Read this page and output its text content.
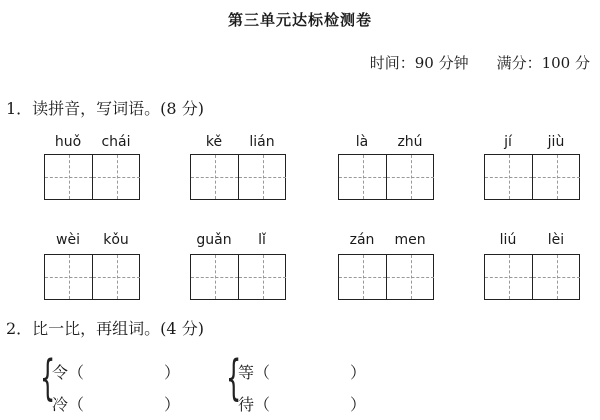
第三单元达标检测卷
时间：90 分钟 满分：100 分
1．读拼音，写词语。(8 分)
huǒ	chái	kě	lián	là	zhú	jí	jiù
wèi	kǒu	guǎn	lǐ	zán	men	liú	lèi
2．比一比，再组词。(4 分)
{
令（	）
冷（	） {
等（	）
待（	）
